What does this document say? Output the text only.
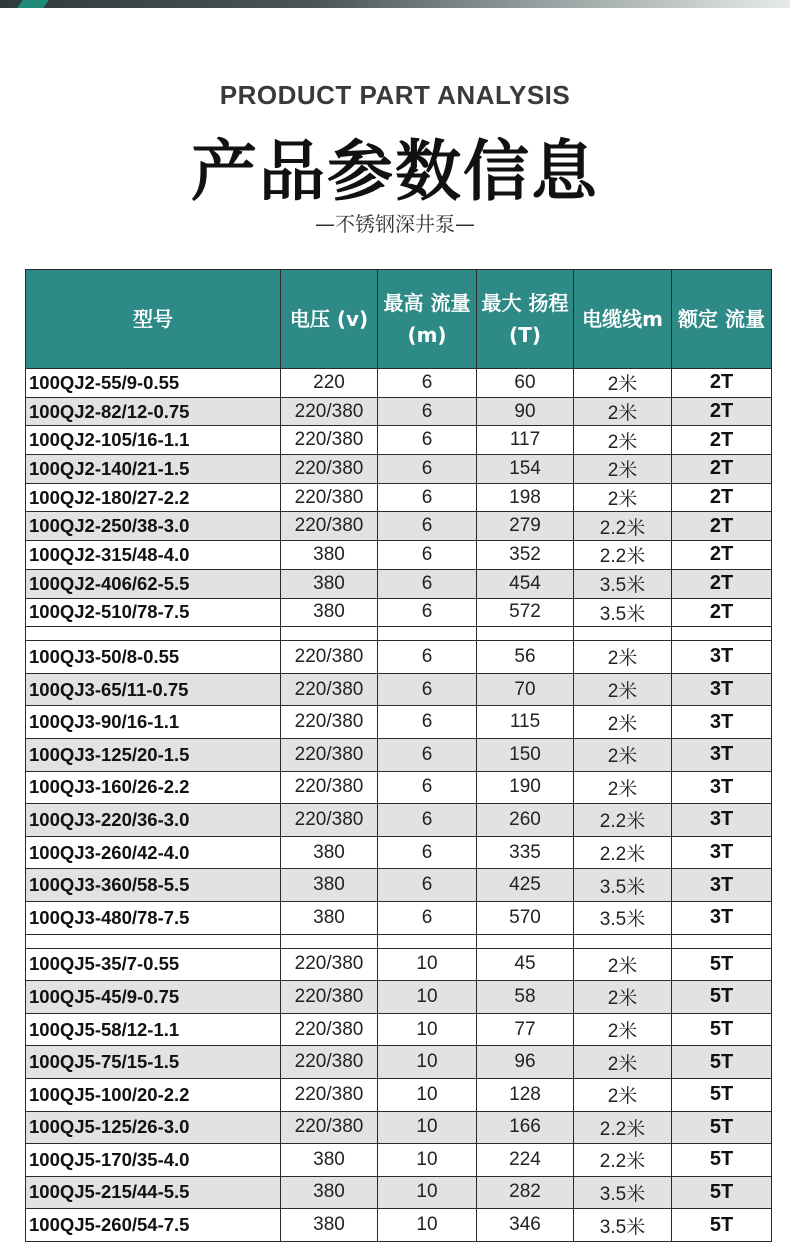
PRODUCT PART ANALYSIS
产品参数信息
—不锈钢深井泵—
型号	电压 (v)	最高 流量 (m)	最大 扬程(T)	电缆线m	额定 流量
100QJ2-55/9-0.55	220	6	60	2米	2T
100QJ2-82/12-0.75	220/380	6	90	2米	2T
100QJ2-105/16-1.1	220/380	6	117	2米	2T
100QJ2-140/21-1.5	220/380	6	154	2米	2T
100QJ2-180/27-2.2	220/380	6	198	2米	2T
100QJ2-250/38-3.0	220/380	6	279	2.2米	2T
100QJ2-315/48-4.0	380	6	352	2.2米	2T
100QJ2-406/62-5.5	380	6	454	3.5米	2T
100QJ2-510/78-7.5	380	6	572	3.5米	2T

100QJ3-50/8-0.55	220/380	6	56	2米	3T
100QJ3-65/11-0.75	220/380	6	70	2米	3T
100QJ3-90/16-1.1	220/380	6	115	2米	3T
100QJ3-125/20-1.5	220/380	6	150	2米	3T
100QJ3-160/26-2.2	220/380	6	190	2米	3T
100QJ3-220/36-3.0	220/380	6	260	2.2米	3T
100QJ3-260/42-4.0	380	6	335	2.2米	3T
100QJ3-360/58-5.5	380	6	425	3.5米	3T
100QJ3-480/78-7.5	380	6	570	3.5米	3T

100QJ5-35/7-0.55	220/380	10	45	2米	5T
100QJ5-45/9-0.75	220/380	10	58	2米	5T
100QJ5-58/12-1.1	220/380	10	77	2米	5T
100QJ5-75/15-1.5	220/380	10	96	2米	5T
100QJ5-100/20-2.2	220/380	10	128	2米	5T
100QJ5-125/26-3.0	220/380	10	166	2.2米	5T
100QJ5-170/35-4.0	380	10	224	2.2米	5T
100QJ5-215/44-5.5	380	10	282	3.5米	5T
100QJ5-260/54-7.5	380	10	346	3.5米	5T
